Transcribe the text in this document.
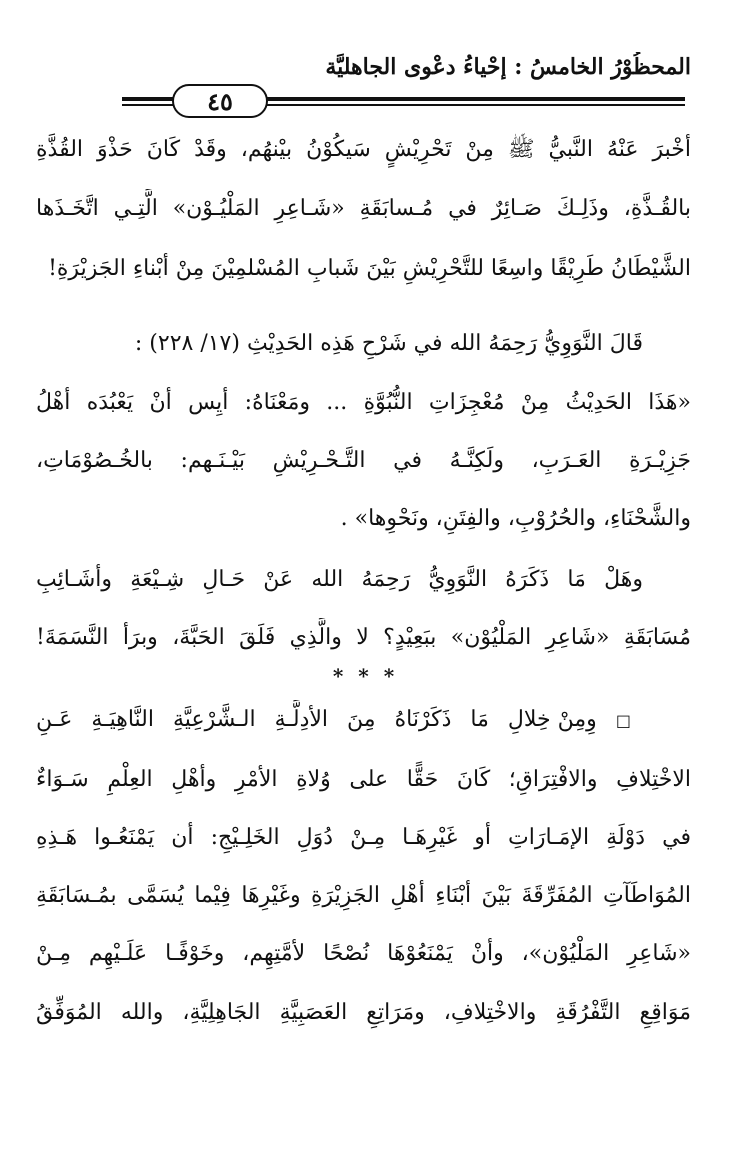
المحظُوْرُ الخامسُ : إحْياءُ دعْوى الجاهليَّة
٤٥
أخْبرَ عَنْهُ النَّبيُّ ﷺ مِنْ تَحْرِيْشٍ سَيكُوْنُ بيْنهُم، وقَدْ كَانَ حَذْوَ القُذَّةِ
بالقُـذَّةِ، وذَلِـكَ صَـائِرٌ في مُـسابَقَةِ «شَـاعِرِ المَلْيُـوْن» الَّتِـي اتَّخَـذَها
الشَّيْطَانُ طَرِيْقًا واسِعًا للتَّحْرِيْشِ بَيْنَ شَبابِ المُسْلمِيْنَ مِنْ أبْناءِ الجَزيْرَةِ!
قَالَ النَّوَوِيُّ رَحِمَهُ الله في شَرْحِ هَذِه الحَدِيْثِ (١٧/ ٢٢٨) :
«هَذَا الحَدِيْثُ مِنْ مُعْجِزَاتِ النُّبُوَّةِ ... ومَعْنَاهُ: أيِس أنْ يَعْبُدَه أهْلُ
جَزِيْـرَةِ العَـرَبِ، ولَكِنَّـهُ في التَّـحْـرِيْشِ بَيْـنَـهم: بالخُـصُوْمَاتِ،
والشَّحْنَاءِ، والحُرُوْبِ، والفِتَنِ، ونَحْوِها» .
وهَلْ مَا ذَكَرَهُ النَّوَوِيُّ رَحِمَهُ الله عَنْ حَـالِ شِـيْعَةِ وأشَـائِبِ
مُسَابَقَةِ «شَاعِرِ المَلْيُوْن» ببَعِيْدٍ؟ لا والَّذِي فَلَقَ الحَبَّةَ، وبرَأ النَّسَمَةَ!
* * *
□ وِمِنْ خِلالِ مَا ذَكَرْنَاهُ مِنَ الأدِلَّـةِ الـشَّرْعِيَّةِ النَّاهِيَـةِ عَـنِ
الاخْتِلافِ والافْتِرَاقِ؛ كَانَ حَقًّا على وُلاةِ الأمْرِ وأهْلِ العِلْمِ سَـوَاءٌ
في دَوْلَةِ الإمَـارَاتِ أو غَيْرِهَـا مِـنْ دُوَلِ الخَلِـيْجِ: أن يَمْنَعُـوا هَـذِهِ
المُوَاطَآتِ المُفَرِّقَةَ بَيْنَ أبْنَاءِ أهْلِ الجَزِيْرَةِ وغَيْرِهَا فِيْما يُسَمَّى بمُـسَابَقَةِ
«شَاعِرِ المَلْيُوْن»، وأنْ يَمْنَعُوْهَا نُصْحًا لأمَّتِهِم، وخَوْفًـا عَلَـيْهِم مِـنْ
مَوَاقِعِ التَّفْرُقَةِ والاخْتِلافِ، ومَرَاتِعِ العَصَبِيَّةِ الجَاهِلِيَّةِ، والله المُوَفِّقُ
